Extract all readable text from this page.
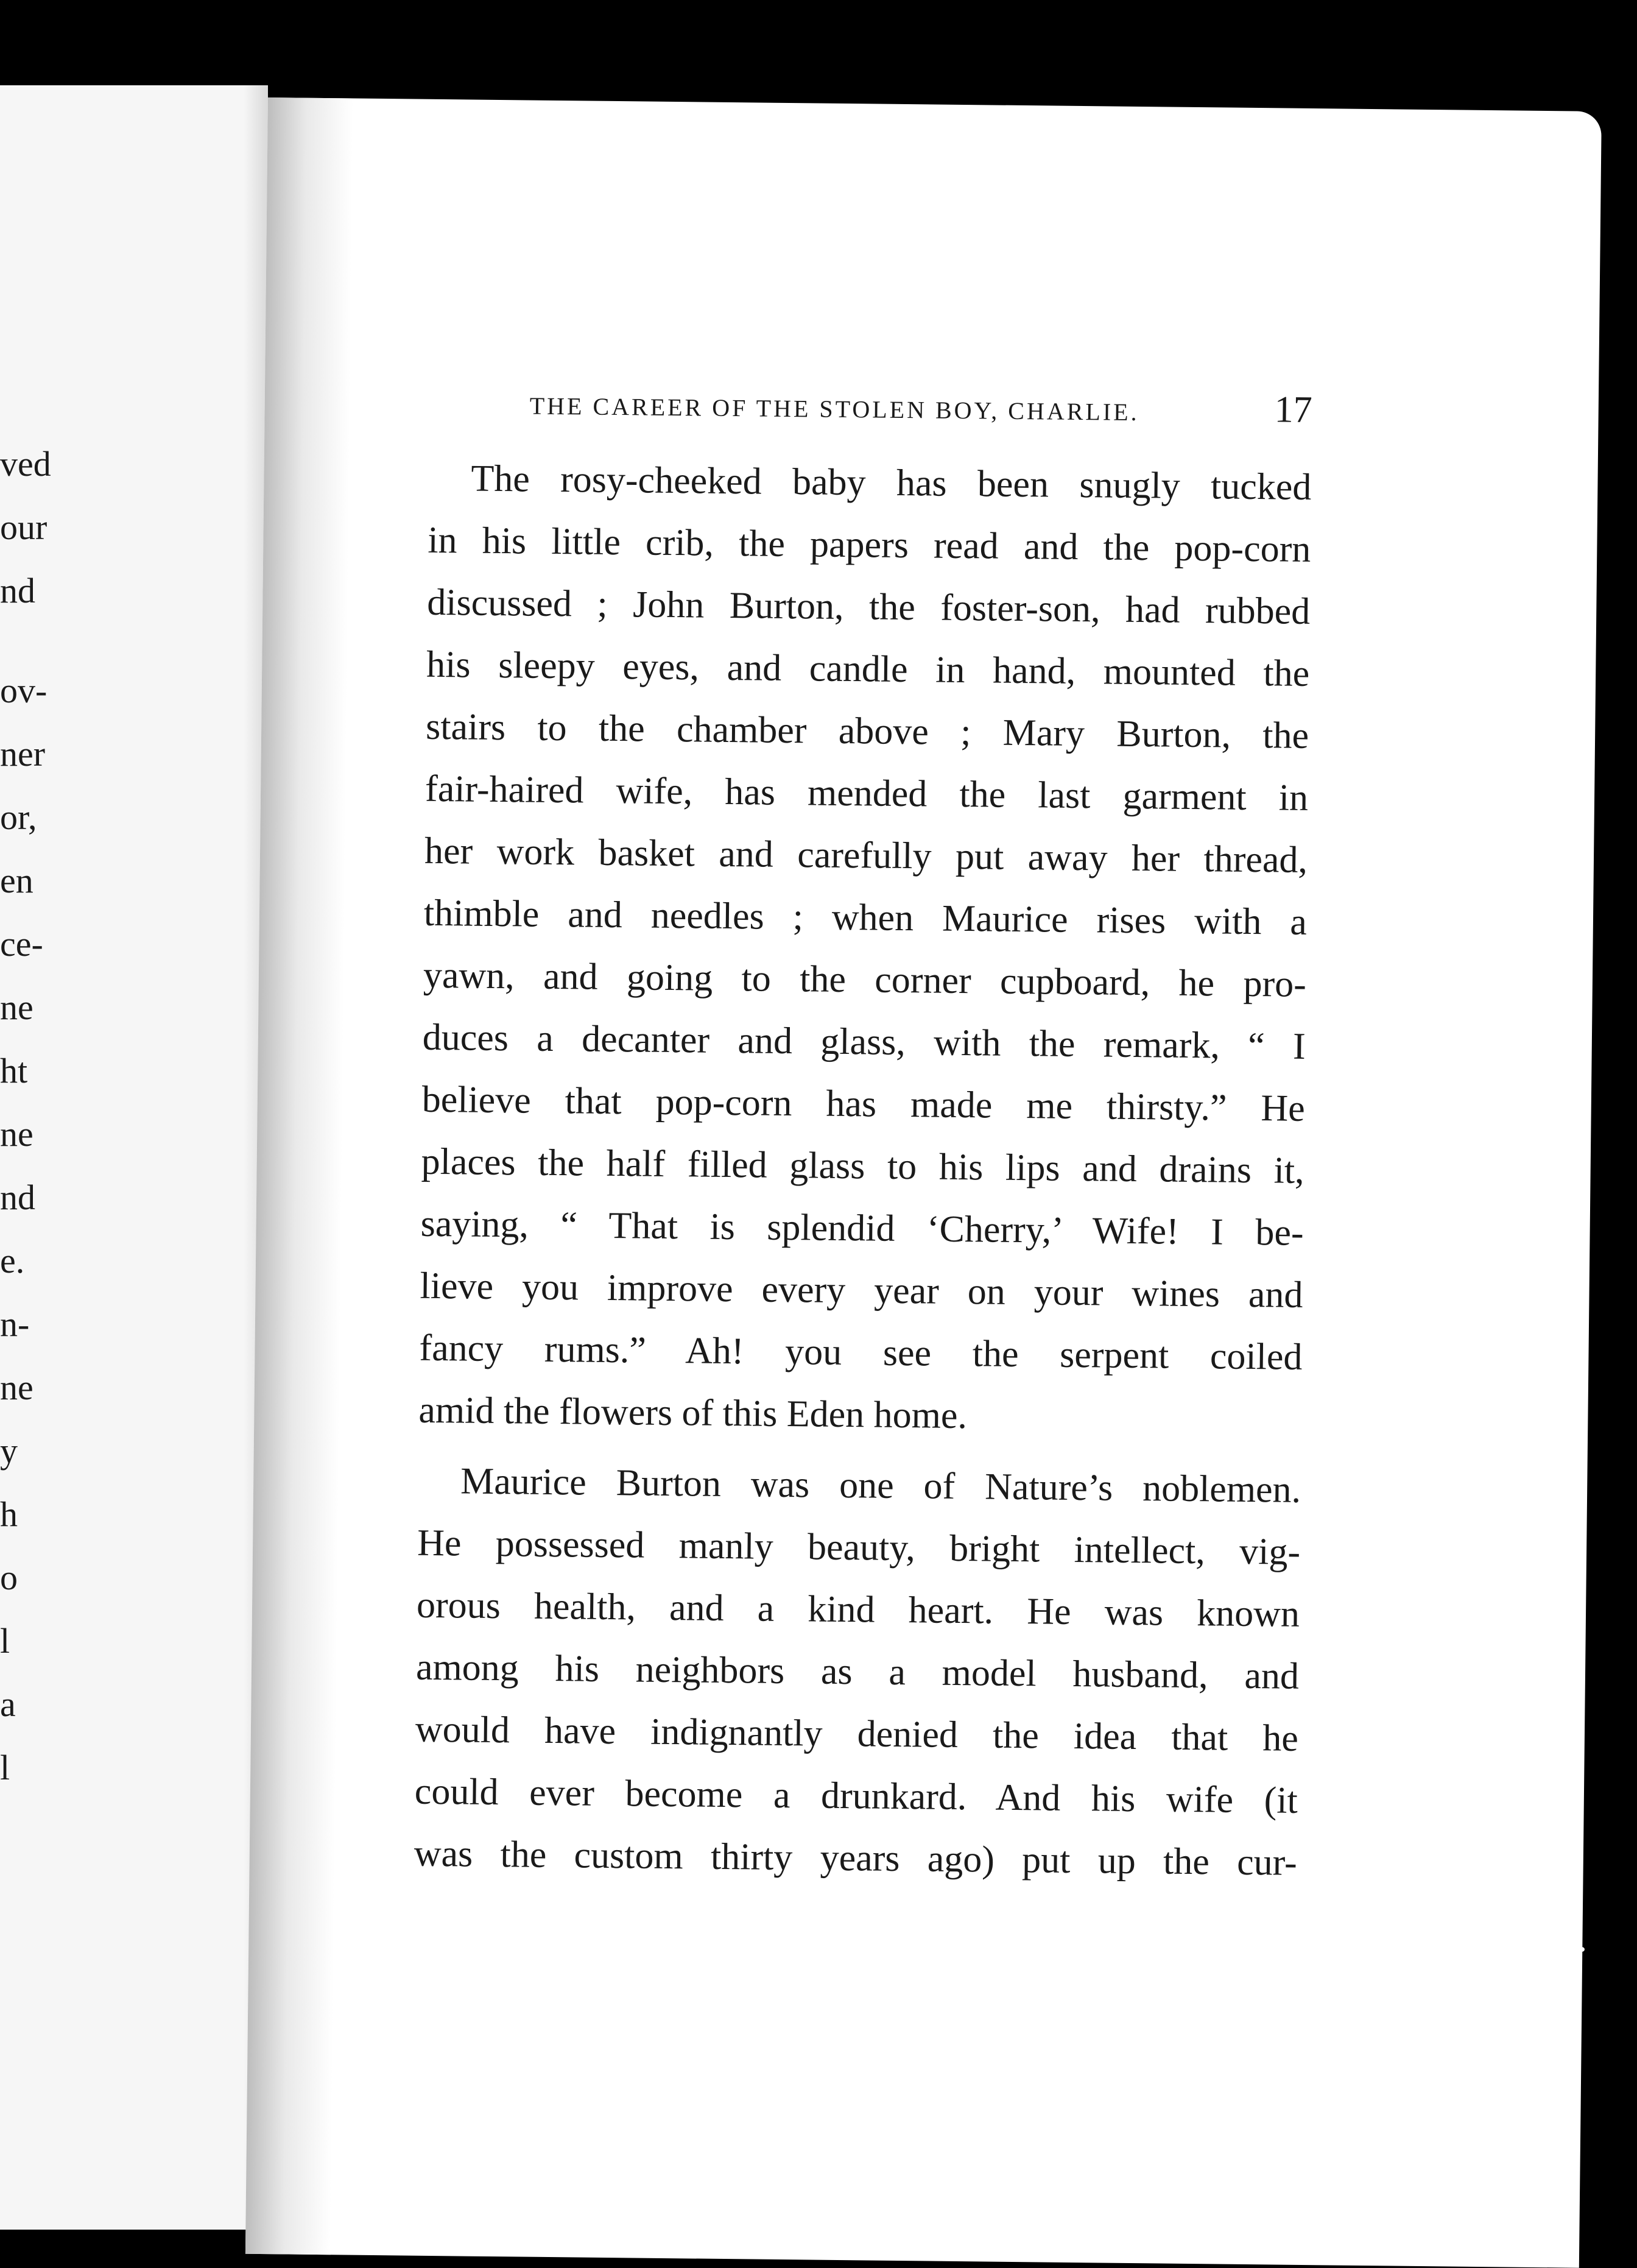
ved
our
nd
ov-
ner
or,
en
ce-
ne
ht
ne
nd
e.
n-
ne
y
h
o
l
a
l
THE CAREER OF THE STOLEN BOY, CHARLIE.	17
The rosy-cheeked baby has been snugly tucked
in his little crib, the papers read and the pop-corn
discussed ; John Burton, the foster-son, had rubbed
his sleepy eyes, and candle in hand, mounted the
stairs to the chamber above ; Mary Burton, the
fair-haired wife, has mended the last garment in
her work basket and carefully put away her thread,
thimble and needles ; when Maurice rises with a
yawn, and going to the corner cupboard, he pro-
duces a decanter and glass, with the remark, “ I
believe that pop-corn has made me thirsty.” He
places the half filled glass to his lips and drains it,
saying, “ That is splendid ‘Cherry,’ Wife! I be-
lieve you improve every year on your wines and
fancy rums.” Ah! you see the serpent coiled
amid the flowers of this Eden home.
Maurice Burton was one of Nature’s noblemen.
He possessed manly beauty, bright intellect, vig-
orous health, and a kind heart. He was known
among his neighbors as a model husband, and
would have indignantly denied the idea that he
could ever become a drunkard. And his wife (it
was the custom thirty years ago) put up the cur-
